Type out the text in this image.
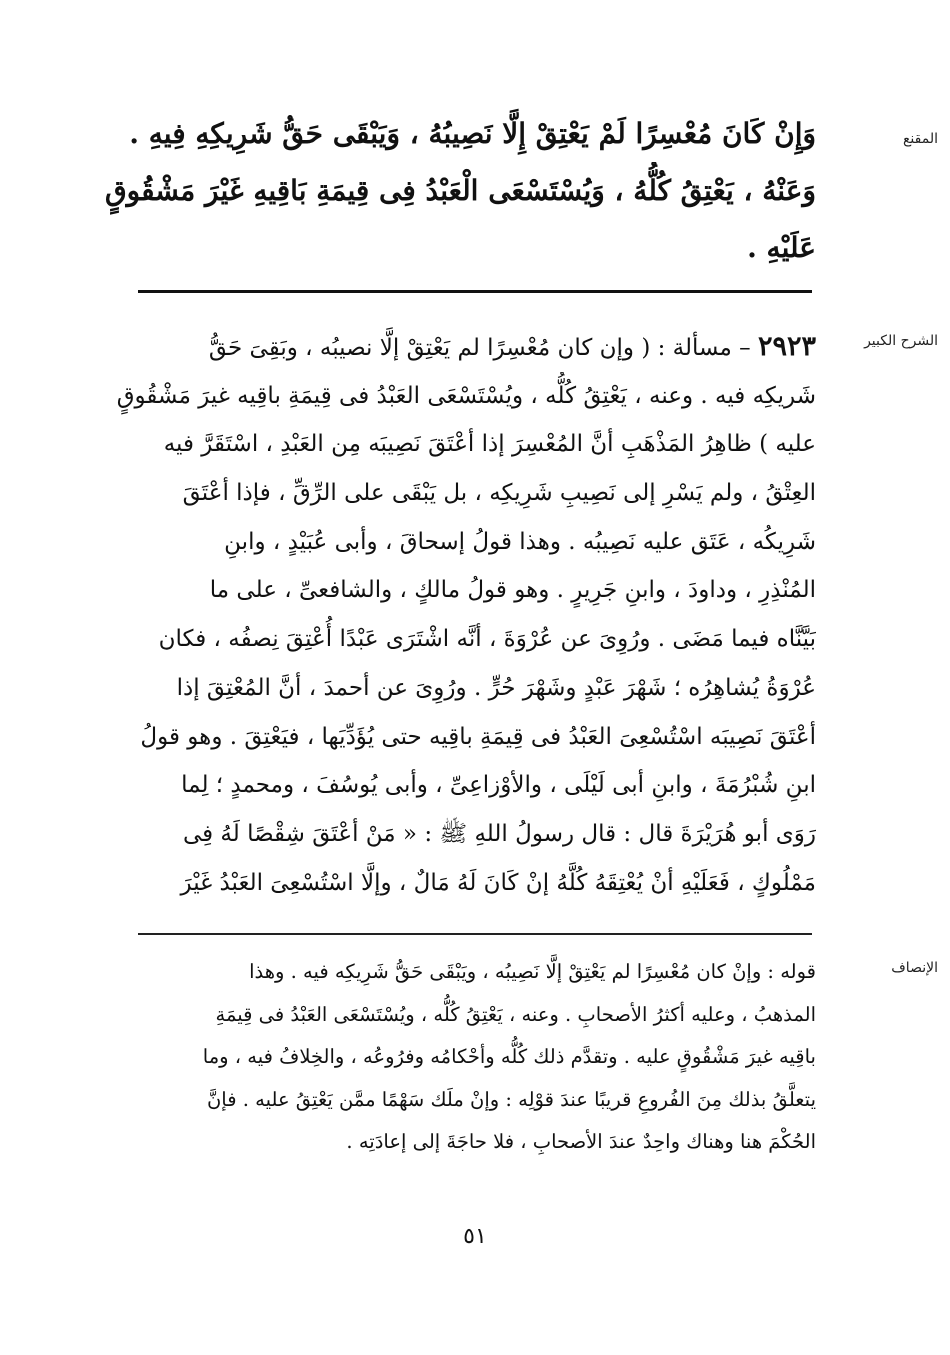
المقنع
وَإِنْ كَانَ مُعْسِرًا لَمْ يَعْتِقْ إِلَّا نَصِيبُهُ ، وَيَبْقَى حَقُّ شَرِيكِهِ فِيهِ .
وَعَنْهُ ، يَعْتِقُ كُلُّهُ ، وَيُسْتَسْعَى الْعَبْدُ فِى قِيمَةِ بَاقِيهِ غَيْرَ مَشْقُوقٍ
عَلَيْهِ .
الشرح الكبير
٢٩٢٣ – مسألة : ( وإن كان مُعْسِرًا لم يَعْتِقْ إلَّا نصيبُه ، وبَقِىَ حَقُّ
شَريكِه فيه . وعنه ، يَعْتِقُ كُلُّه ، ويُسْتَسْعَى العَبْدُ فى قِيمَةِ باقِيه غيرَ مَشْقُوقٍ
عليه ) ظاهِرُ المَذْهَبِ أنَّ المُعْسِرَ إذا أعْتَقَ نَصِيبَه مِن العَبْدِ ، اسْتَقَرَّ فيه
العِتْقُ ، ولم يَسْرِ إلى نَصِيبِ شَرِيكِه ، بل يَبْقَى على الرِّقِّ ، فإذا أعْتَقَ
شَرِيكُه ، عَتَق عليه نَصِيبُه . وهذا قولُ إسحاقَ ، وأبى عُبَيْدٍ ، وابنِ
المُنْذِرِ ، وداودَ ، وابنِ جَرِيرٍ . وهو قولُ مالكٍ ، والشافعىِّ ، على ما
بَيَّنَّاه فيما مَضَى . ورُوِىَ عن عُرْوَةَ ، أنَّه اشْتَرَى عَبْدًا أُعْتِقَ نِصفُه ، فكان
عُرْوَةُ يُشاهِرُه ؛ شَهْرَ عَبْدٍ وشَهْرَ حُرٍّ . ورُوِىَ عن أحمدَ ، أنَّ المُعْتِقَ إذا
أعْتَقَ نَصِيبَه اسْتُسْعِىَ العَبْدُ فى قِيمَةِ باقِيه حتى يُؤَدِّيَها ، فيَعْتِقَ . وهو قولُ
ابنِ شُبْرُمَةَ ، وابنِ أبى لَيْلَى ، والأوْزاعِىِّ ، وأبى يُوسُفَ ، ومحمدٍ ؛ لِما
رَوَى أبو هُرَيْرَةَ قال : قال رسولُ اللهِ ﷺ : « مَنْ أعْتَقَ شِقْصًا لَهُ فِى
مَمْلُوكٍ ، فَعَلَيْهِ أنْ يُعْتِقَهُ كُلَّهُ إنْ كَانَ لَهُ مَالٌ ، وإلَّا اسْتُسْعِىَ العَبْدُ غَيْرَ
الإنصاف
قوله : وإنْ كان مُعْسِرًا لم يَعْتِقْ إلَّا نَصِيبُه ، ويَبْقَى حَقُّ شَرِيكِه فيه . وهذا
المذهبُ ، وعليه أكثرُ الأصحابِ . وعنه ، يَعْتِقُ كُلُّه ، ويُسْتَسْعَى العَبْدُ فى قِيمَةِ
باقِيه غيرَ مَشْقُوقٍ عليه . وتقدَّم ذلك كُلُّه وأحْكامُه وفرُوعُه ، والخِلافُ فيه ، وما
يتعلَّقُ بذلك مِنَ الفُروعِ قريبًا عندَ قوْلِه : وإنْ ملَك سَهْمًا ممَّن يَعْتِقُ عليه . فإنَّ
الحُكْمَ هنا وهناك واحِدٌ عندَ الأصحابِ ، فلا حاجَةَ إلى إعادَتِه .
٥١
